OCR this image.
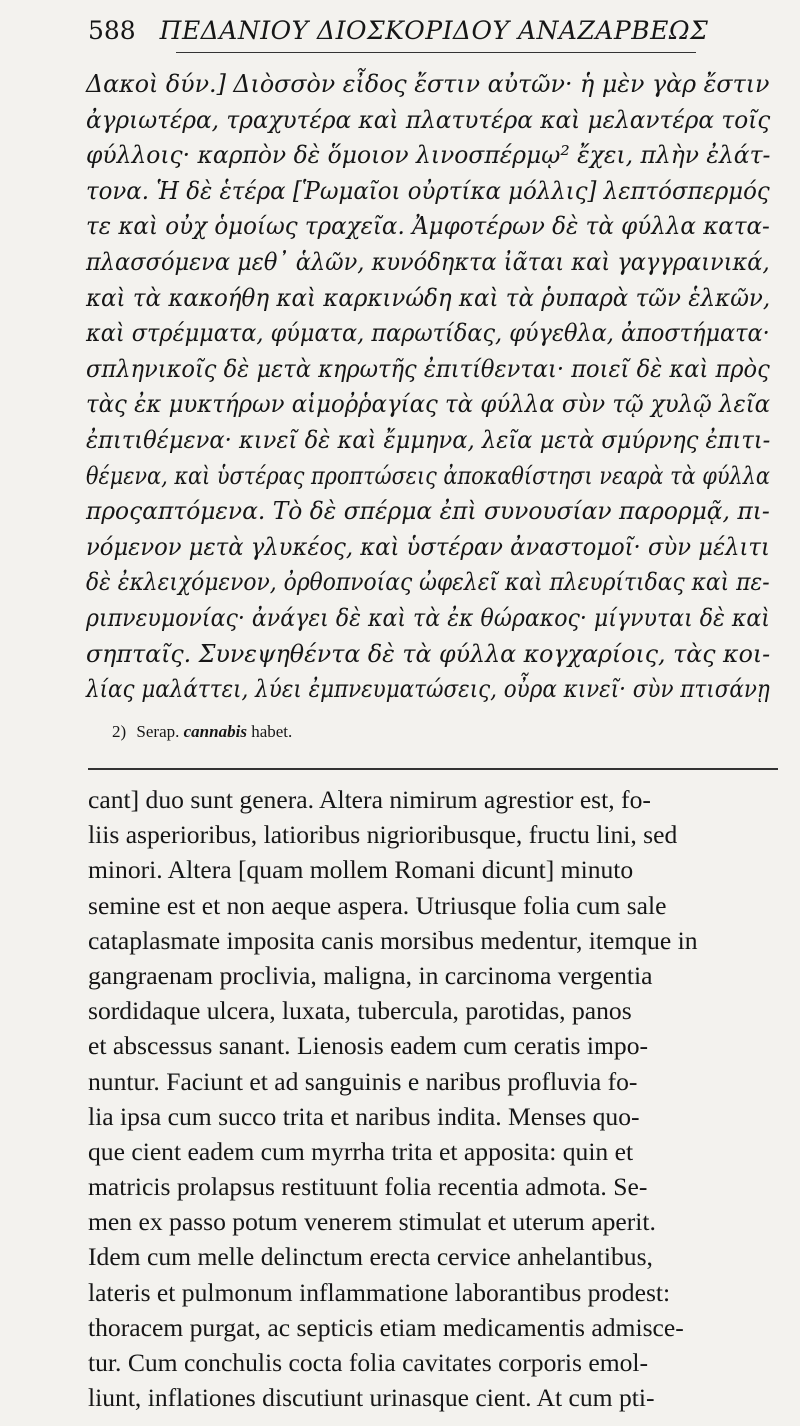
588 ΠΕΔΑΝΙΟΥ ΔΙΟΣΚΟΡΙΔΟΥ ΑΝΑΖΑΡΒΕΩΣ
Δακοὶ δύν.] Διὸσσὸν εἶδος ἔστιν αὐτῶν· ἡ μὲν γὰρ ἔστιν
ἀγριωτέρα, τραχυτέρα καὶ πλατυτέρα καὶ μελαντέρα τοῖς
φύλλοις· καρπὸν δὲ ὅμοιον λινοσπέρμῳ² ἔχει, πλὴν ἐλάτ-
τονα. Ἡ δὲ ἑτέρα [Ῥωμαῖοι οὐρτίκα μόλλις] λεπτόσπερμός
τε καὶ οὐχ ὁμοίως τραχεῖα. Ἀμφοτέρων δὲ τὰ φύλλα κατα-
πλασσόμενα μεθ᾽ ἁλῶν, κυνόδηκτα ἰᾶται καὶ γαγγραινικά,
καὶ τὰ κακοήθη καὶ καρκινώδη καὶ τὰ ῥυπαρὰ τῶν ἑλκῶν,
καὶ στρέμματα, φύματα, παρωτίδας, φύγεθλα, ἀποστήματα·
σπληνικοῖς δὲ μετὰ κηρωτῆς ἐπιτίθενται· ποιεῖ δὲ καὶ πρὸς
τὰς ἐκ μυκτήρων αἱμοῤῥαγίας τὰ φύλλα σὺν τῷ χυλῷ λεῖα
ἐπιτιθέμενα· κινεῖ δὲ καὶ ἔμμηνα, λεῖα μετὰ σμύρνης ἐπιτι-
θέμενα, καὶ ὑστέρας προπτώσεις ἀποκαθίστησι νεαρὰ τὰ φύλλα
προςαπτόμενα. Τὸ δὲ σπέρμα ἐπὶ συνουσίαν παρορμᾷ, πι-
νόμενον μετὰ γλυκέος, καὶ ὑστέραν ἀναστομοῖ· σὺν μέλιτι
δὲ ἐκλειχόμενον, ὀρθοπνοίας ὠφελεῖ καὶ πλευρίτιδας καὶ πε-
ριπνευμονίας· ἀνάγει δὲ καὶ τὰ ἐκ θώρακος· μίγνυται δὲ καὶ
σηπταῖς. Συνεψηθέντα δὲ τὰ φύλλα κογχαρίοις, τὰς κοι-
λίας μαλάττει, λύει ἐμπνευματώσεις, οὖρα κινεῖ· σὺν πτισάνῃ
2) Serap. cannabis habet.
cant] duo sunt genera. Altera nimirum agrestior est, fo-
liis asperioribus, latioribus nigrioribusque, fructu lini, sed
minori. Altera [quam mollem Romani dicunt] minuto
semine est et non aeque aspera. Utriusque folia cum sale
cataplasmate imposita canis morsibus medentur, itemque in
gangraenam proclivia, maligna, in carcinoma vergentia
sordidaque ulcera, luxata, tubercula, parotidas, panos
et abscessus sanant. Lienosis eadem cum ceratis impo-
nuntur. Faciunt et ad sanguinis e naribus profluvia fo-
lia ipsa cum succo trita et naribus indita. Menses quo-
que cient eadem cum myrrha trita et apposita: quin et
matricis prolapsus restituunt folia recentia admota. Se-
men ex passo potum venerem stimulat et uterum aperit.
Idem cum melle delinctum erecta cervice anhelantibus,
lateris et pulmonum inflammatione laborantibus prodest:
thoracem purgat, ac septicis etiam medicamentis admisce-
tur. Cum conchulis cocta folia cavitates corporis emol-
liunt, inflationes discutiunt urinasque cient. At cum pti-
